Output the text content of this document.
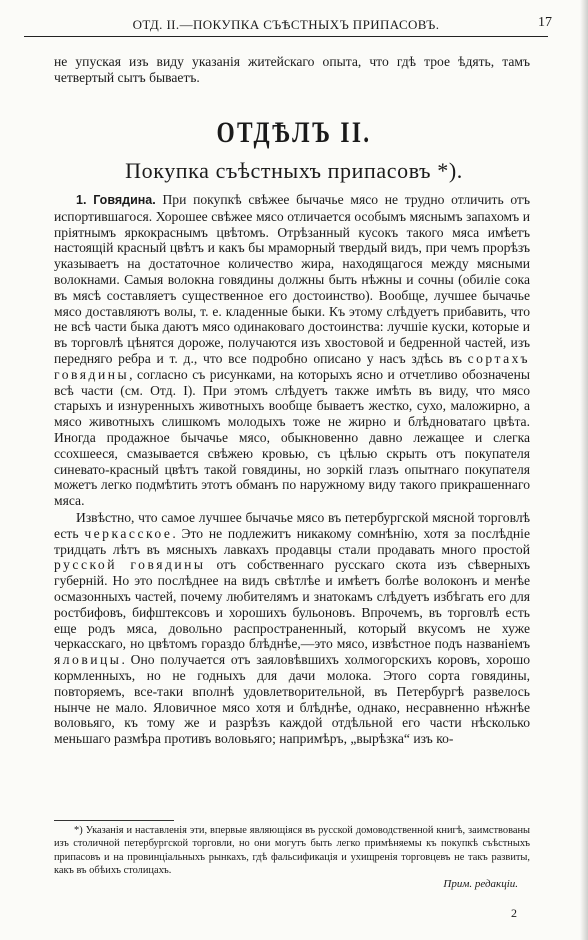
ОТД. II.—ПОКУПКА СЪѢСТНЫХЪ ПРИПАСОВЪ.	17
не упуская изъ виду указанія житейскаго опыта, что гдѣ трое ѣдять, тамъ четвертый сытъ бываетъ.
ОТДѢЛЪ II.
Покупка съѣстныхъ припасовъ *).

1. Говядина. При покупкѣ свѣжее бычачье мясо не трудно отличить отъ испортившагося. Хорошее свѣжее мясо отличается особымъ мяснымъ запахомъ и пріятнымъ яркокраснымъ цвѣтомъ. Отрѣзанный кусокъ такого мяса имѣетъ настоящій красный цвѣтъ и какъ бы мраморный твердый видъ, при чемъ прорѣзъ указываетъ на достаточное количество жира, находящагося между мясными волокнами. Самыя волокна говядины должны быть нѣжны и сочны (обиліе сока въ мясѣ составляетъ существенное его достоинство). Вообще, лучшее бычачье мясо доставляютъ волы, т. е. кладенные быки. Къ этому слѣдуетъ прибавить, что не всѣ части быка даютъ мясо одинаковаго достоинства: лучшіе куски, которые и въ торговлѣ цѣнятся дороже, получаются изъ хвостовой и бедренной частей, изъ передняго ребра и т. д., что все подробно описано у насъ здѣсь въ сортахъ говядины, согласно съ рисунками, на которыхъ ясно и отчетливо обозначены всѣ части (см. Отд. I). При этомъ слѣдуетъ также имѣть въ виду, что мясо старыхъ и изнуренныхъ животныхъ вообще бываетъ жестко, сухо, маложирно, а мясо животныхъ слишкомъ молодыхъ тоже не жирно и блѣдноватаго цвѣта. Иногда продажное бычачье мясо, обыкновенно давно лежащее и слегка ссохшееся, смазывается свѣжею кровью, съ цѣлью скрыть отъ покупателя синевато-красный цвѣтъ такой говядины, но зоркій глазъ опытнаго покупателя можетъ легко подмѣтить этотъ обманъ по наружному виду такого прикрашеннаго мяса.

Извѣстно, что самое лучшее бычачье мясо въ петербургской мясной торговлѣ есть черкасское. Это не подлежитъ никакому сомнѣнію, хотя за послѣдніе тридцать лѣтъ въ мясныхъ лавкахъ продавцы стали продавать много простой русской говядины отъ собственнаго русскаго скота изъ сѣверныхъ губерній. Но это послѣднее на видъ свѣтлѣе и имѣетъ болѣе волоконъ и менѣе осмазонныхъ частей, почему любителямъ и знатокамъ слѣдуетъ избѣгать его для ростбифовъ, бифштексовъ и хорошихъ бульоновъ. Впрочемъ, въ торговлѣ есть еще родъ мяса, довольно распространенный, который вкусомъ не хуже черкасскаго, но цвѣтомъ гораздо блѣднѣе,—это мясо, извѣстное подъ названіемъ яловицы. Оно получается отъ заяловѣвшихъ холмогорскихъ коровъ, хорошо кормленныхъ, но не годныхъ для дачи молока. Этого сорта говядины, повторяемъ, все-таки вполнѣ удовлетворительной, въ Петербургѣ развелось нынче не мало. Яловичное мясо хотя и блѣднѣе, однако, несравненно нѣжнѣе воловьяго, къ тому же и разрѣзъ каждой отдѣльной его части нѣсколько меньшаго размѣра противъ воловьяго; напримѣръ, „вырѣзка“ изъ ко-

*) Указанія и наставленія эти, впервые являющіяся въ русской домоводственной книгѣ, заимствованы изъ столичной петербургской торговли, но они могутъ быть легко примѣняемы къ покупкѣ съѣстныхъ припасовъ и на провинціальныхъ рынкахъ, гдѣ фальсификація и ухищренія торговцевъ не такъ развиты, какъ въ обѣихъ столицахъ.
Прим. редакціи.
2
